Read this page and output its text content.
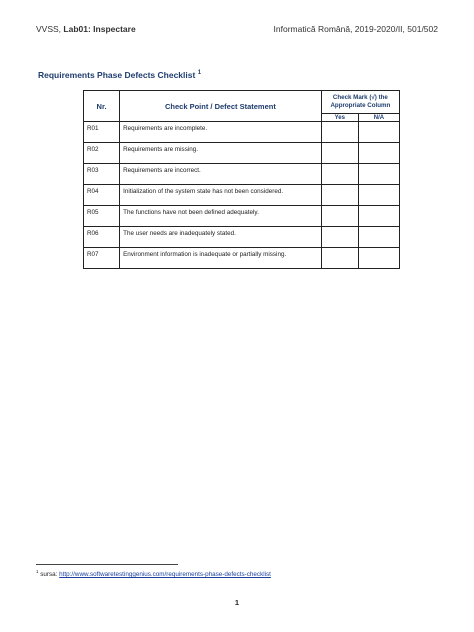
VVSS, Lab01: Inspectare	Informatică Română, 2019-2020/II, 501/502
Requirements Phase Defects Checklist $^1$
Nr.	Check Point / Defect Statement	Check Mark (√) the Appropriate Column	
		Yes	N/A
R01	Requirements are incomplete.		
R02	Requirements are missing.		
R03	Requirements are incorrect.		
R04	Initialization of the system state has not been considered.		
R05	The functions have not been defined adequately.		
R06	The user needs are inadequately stated.		
R07	Environment information is inadequate or partially missing.		
$^1$ sursa: http://www.softwaretestinggenius.com/requirements-phase-defects-checklist
1
